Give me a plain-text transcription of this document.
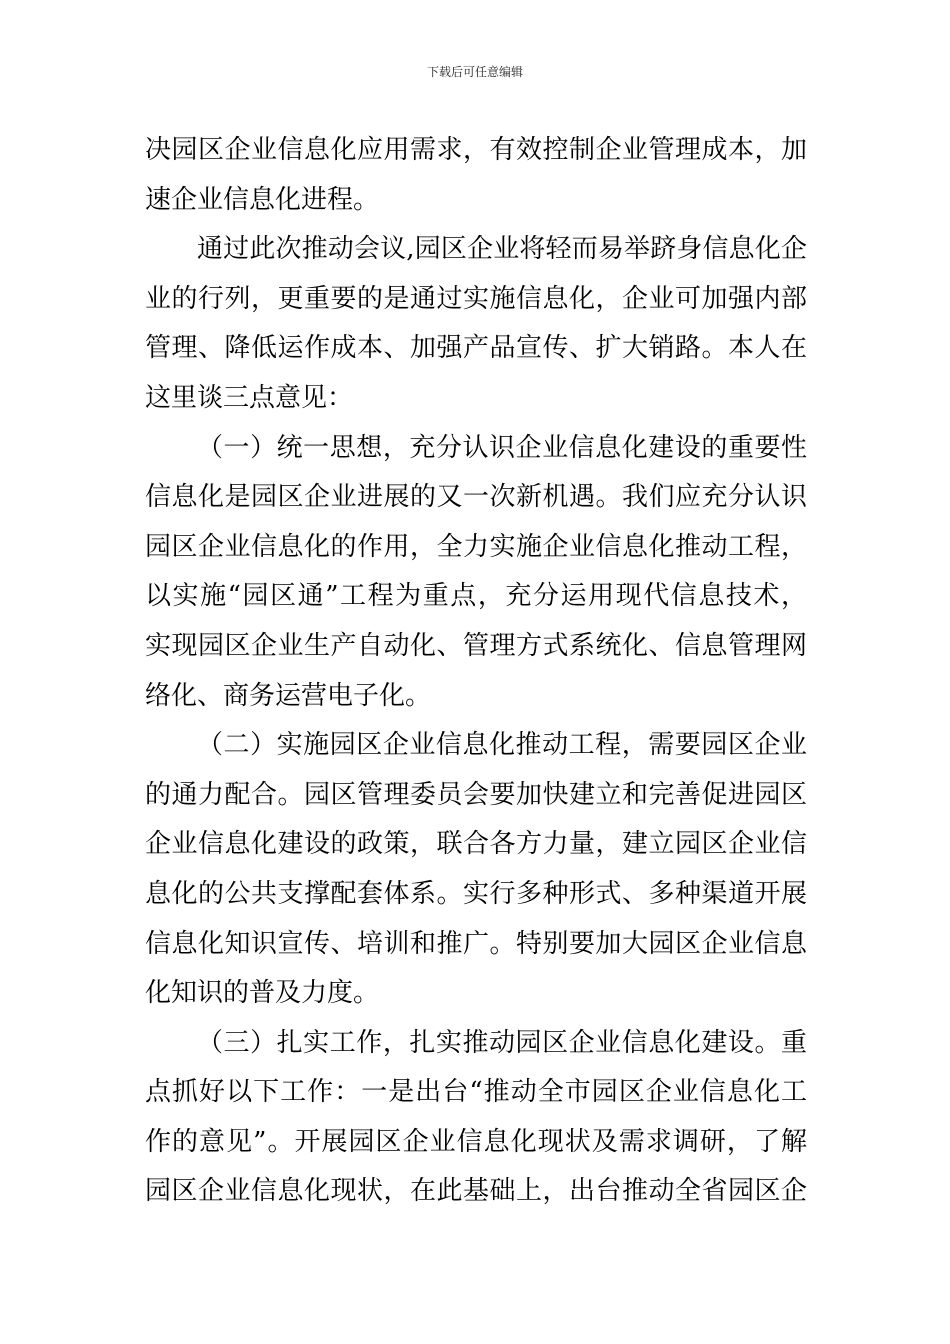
下载后可任意编辑
决园区企业信息化应用需求，有效控制企业管理成本，加
速企业信息化进程。
通过此次推动会议,园区企业将轻而易举跻身信息化企
业的行列，更重要的是通过实施信息化，企业可加强内部
管理、降低运作成本、加强产品宣传、扩大销路。本人在
这里谈三点意见：
（一）统一思想，充分认识企业信息化建设的重要性
信息化是园区企业进展的又一次新机遇。我们应充分认识
园区企业信息化的作用，全力实施企业信息化推动工程，
以实施“园区通”工程为重点，充分运用现代信息技术，
实现园区企业生产自动化、管理方式系统化、信息管理网
络化、商务运营电子化。
（二）实施园区企业信息化推动工程，需要园区企业
的通力配合。园区管理委员会要加快建立和完善促进园区
企业信息化建设的政策，联合各方力量，建立园区企业信
息化的公共支撑配套体系。实行多种形式、多种渠道开展
信息化知识宣传、培训和推广。特别要加大园区企业信息
化知识的普及力度。
（三）扎实工作，扎实推动园区企业信息化建设。重
点抓好以下工作：一是出台“推动全市园区企业信息化工
作的意见”。开展园区企业信息化现状及需求调研，了解
园区企业信息化现状，在此基础上，出台推动全省园区企
